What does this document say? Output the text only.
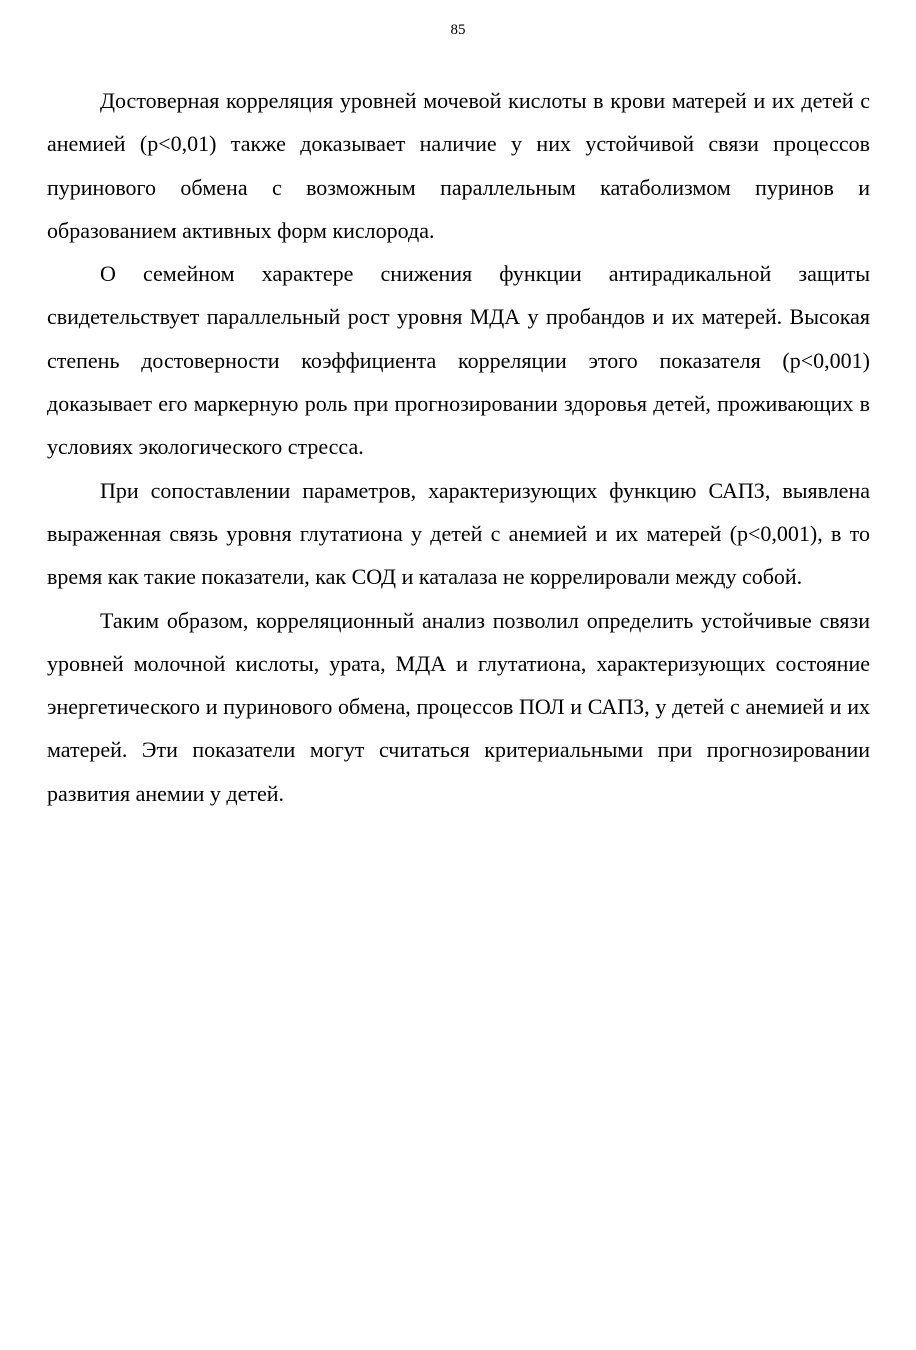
85

Достоверная корреляция уровней мочевой кислоты в крови матерей и их детей с анемией (p<0,01) также доказывает наличие у них устойчивой связи процессов пуринового обмена с возможным параллельным катаболизмом пуринов и образованием активных форм кислорода.

О семейном характере снижения функции антирадикальной защиты свидетельствует параллельный рост уровня МДА у пробандов и их матерей. Высокая степень достоверности коэффициента корреляции этого показателя (p<0,001) доказывает его маркерную роль при прогнозировании здоровья детей, проживающих в условиях экологического стресса.

При сопоставлении параметров, характеризующих функцию САПЗ, выявлена выраженная связь уровня глутатиона у детей с анемией и их матерей (p<0,001), в то время как такие показатели, как СОД и каталаза не коррелировали между собой.

Таким образом, корреляционный анализ позволил определить устойчивые связи уровней молочной кислоты, урата, МДА и глутатиона, характеризующих состояние энергетического и пуринового обмена, процессов ПОЛ и САПЗ, у детей с анемией и их матерей. Эти показатели могут считаться критериальными при прогнозировании развития анемии у детей.
